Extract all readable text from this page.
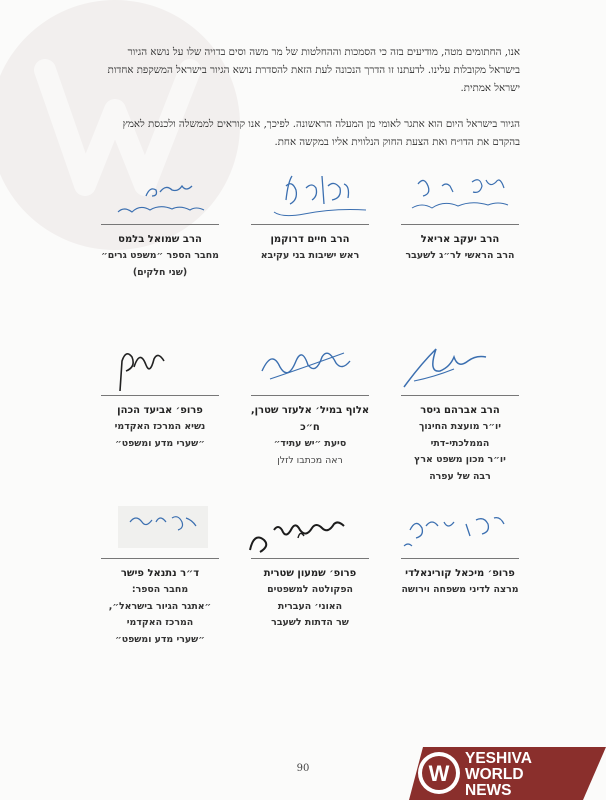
אנו, החתומים מטה, מודיעים בזה כי הסמכות וההחלטות של מר משה וסים בדויה שלו על נושא הגיור בישראל מקובלות עלינו. לדעתנו זו הדרך הנכונה לעת הזאת להסדרת נושא הגיור בישראל המשקפת אחדות ישראל אמתית.
הגיור בישראל היום הוא אתגר לאומי מן המעלה הראשונה. לפיכך, אנו קוראים לממשלה ולכנסת לאמץ בהקדם את הדו״ח ואת הצעת החוק הנלווית אליו במקשה אחת.
הרב יעקב אריאל
הרב הראשי לר״ג לשעבר
הרב חיים דרוקמן
ראש ישיבות בני עקיבא
הרב שמואל בלמס
מחבר הספר ״משפט גרים״
(שני חלקים)
הרב אברהם גיסר
יו״ר מועצת החינוך
הממלכתי-דתי
יו״ר מכון משפט ארץ
רבה של עפרה
אלוף במיל׳ אלעזר שטרן, ח״כ
סיעת ״יש עתיד״
ראה מכתבו לזלן
פרופ׳ אביעד הכהן
נשיא המרכז האקדמי
״שערי מדע ומשפט״
פרופ׳ מיכאל קורינאלדי
מרצה לדיני משפחה וירושה
פרופ׳ שמעון שטרית
הפקולטה למשפטים
האוני׳ העברית
שר הדתות לשעבר
ד״ר נתנאל פישר
מחבר הספר:
״אתגר הגיור בישראל״,
המרכז האקדמי
״שערי מדע ומשפט״
90	W
YESHIVA
WORLD
NEWS
